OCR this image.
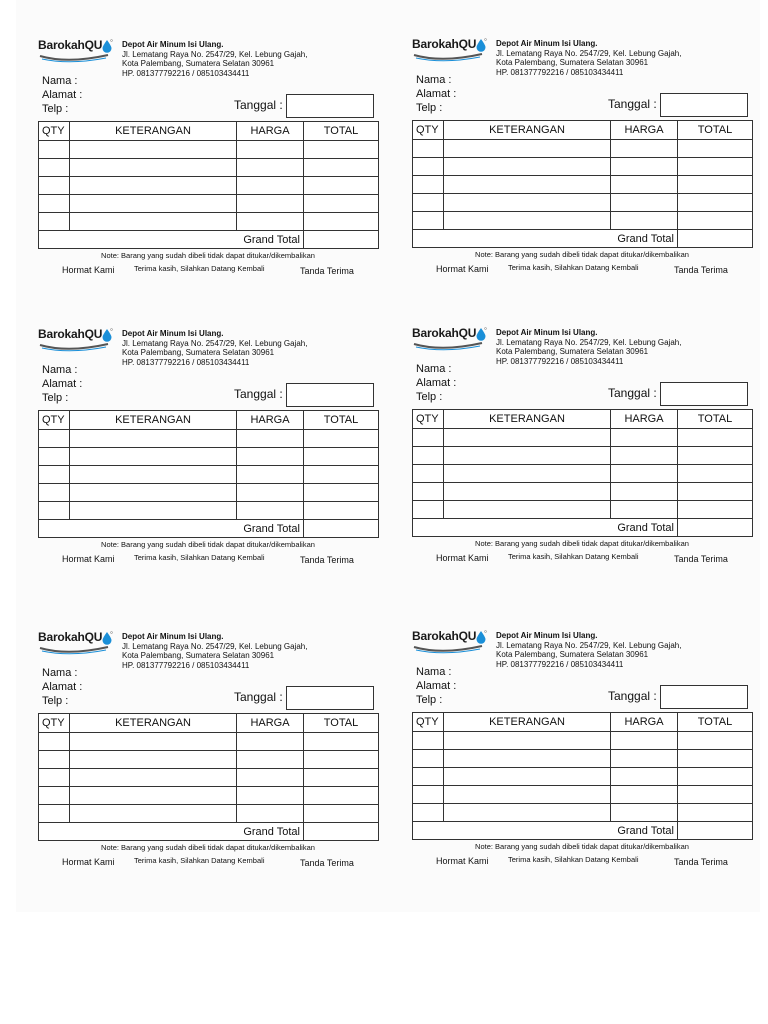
BarokahQU Depot Air Minum Isi Ulang.
Jl. Lematang Raya No. 2547/29, Kel. Lebung Gajah,
Kota Palembang, Sumatera Selatan 30961
HP. 081377792216 / 085103434411
Nama :
Alamat :
Telp :	Tanggal :
QTY	KETERANGAN	HARGA	TOTAL

Grand Total			
Note: Barang yang sudah dibeli tidak dapat ditukar/dikembalikan
Hormat Kami	Terima kasih, Silahkan Datang Kembali	Tanda Terima
BarokahQU Depot Air Minum Isi Ulang.
Jl. Lematang Raya No. 2547/29, Kel. Lebung Gajah,
Kota Palembang, Sumatera Selatan 30961
HP. 081377792216 / 085103434411
Nama :
Alamat :
Telp :	Tanggal :
QTY	KETERANGAN	HARGA	TOTAL

Grand Total			
Note: Barang yang sudah dibeli tidak dapat ditukar/dikembalikan
Hormat Kami	Terima kasih, Silahkan Datang Kembali	Tanda Terima
BarokahQU Depot Air Minum Isi Ulang.
Jl. Lematang Raya No. 2547/29, Kel. Lebung Gajah,
Kota Palembang, Sumatera Selatan 30961
HP. 081377792216 / 085103434411
Nama :
Alamat :
Telp :	Tanggal :
QTY	KETERANGAN	HARGA	TOTAL

Grand Total			
Note: Barang yang sudah dibeli tidak dapat ditukar/dikembalikan
Hormat Kami	Terima kasih, Silahkan Datang Kembali	Tanda Terima
BarokahQU Depot Air Minum Isi Ulang.
Jl. Lematang Raya No. 2547/29, Kel. Lebung Gajah,
Kota Palembang, Sumatera Selatan 30961
HP. 081377792216 / 085103434411
Nama :
Alamat :
Telp :	Tanggal :
QTY	KETERANGAN	HARGA	TOTAL

Grand Total			
Note: Barang yang sudah dibeli tidak dapat ditukar/dikembalikan
Hormat Kami	Terima kasih, Silahkan Datang Kembali	Tanda Terima
BarokahQU Depot Air Minum Isi Ulang.
Jl. Lematang Raya No. 2547/29, Kel. Lebung Gajah,
Kota Palembang, Sumatera Selatan 30961
HP. 081377792216 / 085103434411
Nama :
Alamat :
Telp :	Tanggal :
QTY	KETERANGAN	HARGA	TOTAL

Grand Total			
Note: Barang yang sudah dibeli tidak dapat ditukar/dikembalikan
Hormat Kami	Terima kasih, Silahkan Datang Kembali	Tanda Terima
BarokahQU Depot Air Minum Isi Ulang.
Jl. Lematang Raya No. 2547/29, Kel. Lebung Gajah,
Kota Palembang, Sumatera Selatan 30961
HP. 081377792216 / 085103434411
Nama :
Alamat :
Telp :	Tanggal :
QTY	KETERANGAN	HARGA	TOTAL

Grand Total			
Note: Barang yang sudah dibeli tidak dapat ditukar/dikembalikan
Hormat Kami	Terima kasih, Silahkan Datang Kembali	Tanda Terima
